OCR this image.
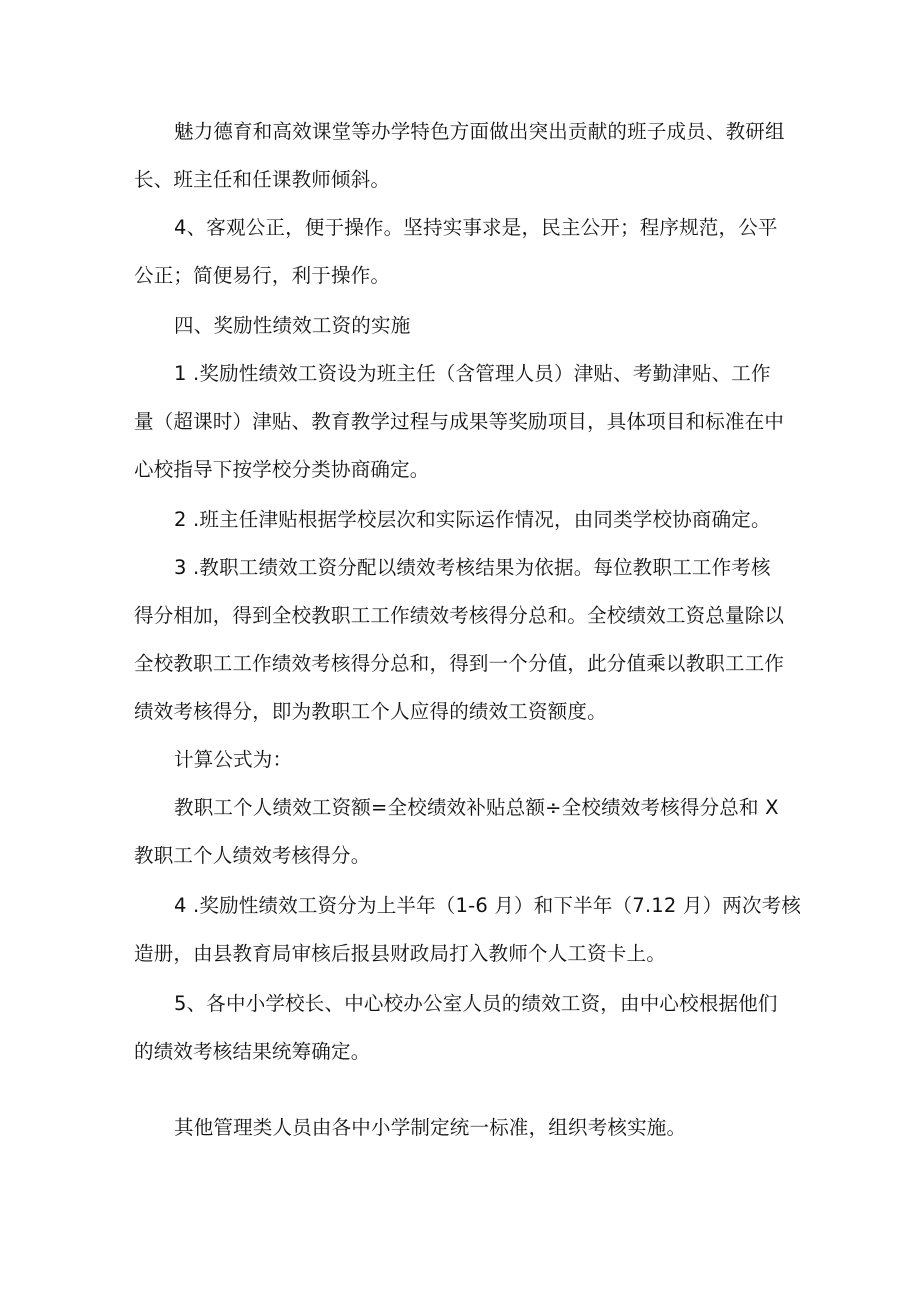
魅力德育和高效课堂等办学特色方面做出突出贡献的班子成员、教研组
长、班主任和任课教师倾斜。

4、客观公正，便于操作。坚持实事求是，民主公开；程序规范，公平
公正；简便易行，利于操作。

四、奖励性绩效工资的实施

1 .奖励性绩效工资设为班主任（含管理人员）津贴、考勤津贴、工作
量（超课时）津贴、教育教学过程与成果等奖励项目，具体项目和标准在中
心校指导下按学校分类协商确定。

2 .班主任津贴根据学校层次和实际运作情况，由同类学校协商确定。

3 .教职工绩效工资分配以绩效考核结果为依据。每位教职工工作考核
得分相加，得到全校教职工工作绩效考核得分总和。全校绩效工资总量除以
全校教职工工作绩效考核得分总和，得到一个分值，此分值乘以教职工工作
绩效考核得分，即为教职工个人应得的绩效工资额度。

计算公式为：

教职工个人绩效工资额=全校绩效补贴总额÷全校绩效考核得分总和 X
教职工个人绩效考核得分。

4 .奖励性绩效工资分为上半年（1-6 月）和下半年（7.12 月）两次考核
造册，由县教育局审核后报县财政局打入教师个人工资卡上。

5、各中小学校长、中心校办公室人员的绩效工资，由中心校根据他们
的绩效考核结果统筹确定。

其他管理类人员由各中小学制定统一标准，组织考核实施。
